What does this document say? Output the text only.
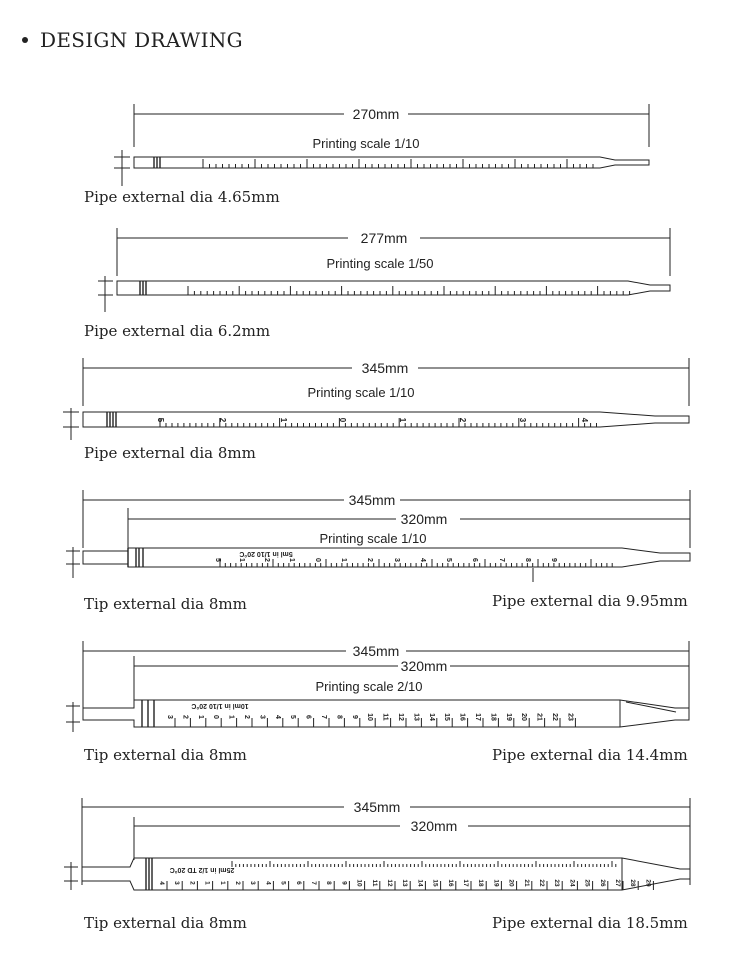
DESIGN DRAWING
270mm
Printing scale 1/10
277mm
Printing scale 1/50
345mm
Printing scale 1/10
5	2	1	0	1	2	3	4
345mm
320mm
Printing scale 1/10
5ml in 1/10 20°C
5 1	2	1	0	1	2	3	4	5	6	7	8	9
345mm
320mm
Printing scale 2/10
3 2 1 0 1 2 3 4 5 6 7 8 9 10 11 12 13 14 15 16 17 18 19 20 21 22 23
10ml in 1/10 20°C
345mm
320mm
4 3 2 1 1 2 3 4 5 6 7 8 9 10 11 12 13 14 15 16 17 18 19 20 21 22 23 24 25 26 27 28 29
25ml in 1/2 TD 20°C
Pipe external dia 4.65mm
Pipe external dia 6.2mm
Pipe external dia 8mm
Tip external dia 8mm	Pipe external dia 9.95mm
Tip external dia 8mm	Pipe external dia 14.4mm
Tip external dia 8mm	Pipe external dia 18.5mm
